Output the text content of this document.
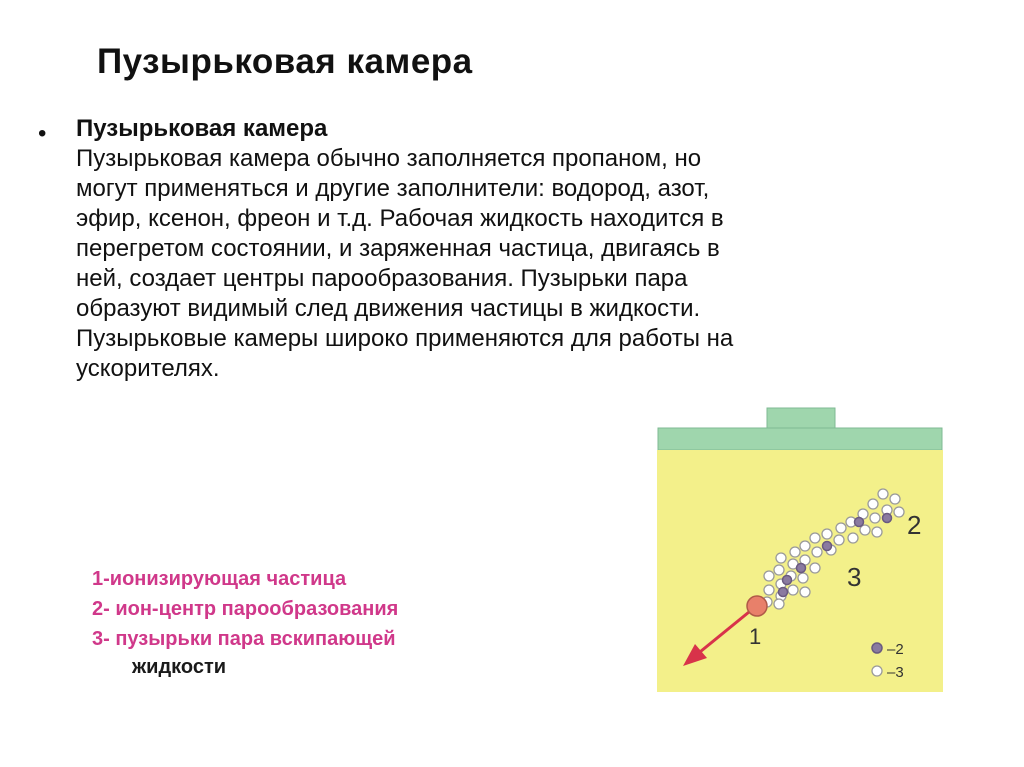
Пузырьковая камера
• Пузырьковая камера
Пузырьковая камера обычно заполняется пропаном, но
могут применяться и другие заполнители: водород, азот,
эфир, ксенон, фреон и т.д. Рабочая жидкость находится в
перегретом состоянии, и заряженная частица, двигаясь в
ней, создает центры парообразования. Пузырьки пара
образуют видимый след движения частицы в жидкости.
Пузырьковые камеры широко применяются для работы на
ускорителях.
1-ионизирующая частица
2- ион-центр парообразования
3- пузырьки пара вскипающей
жидкости
1
2
3
–2
–3
